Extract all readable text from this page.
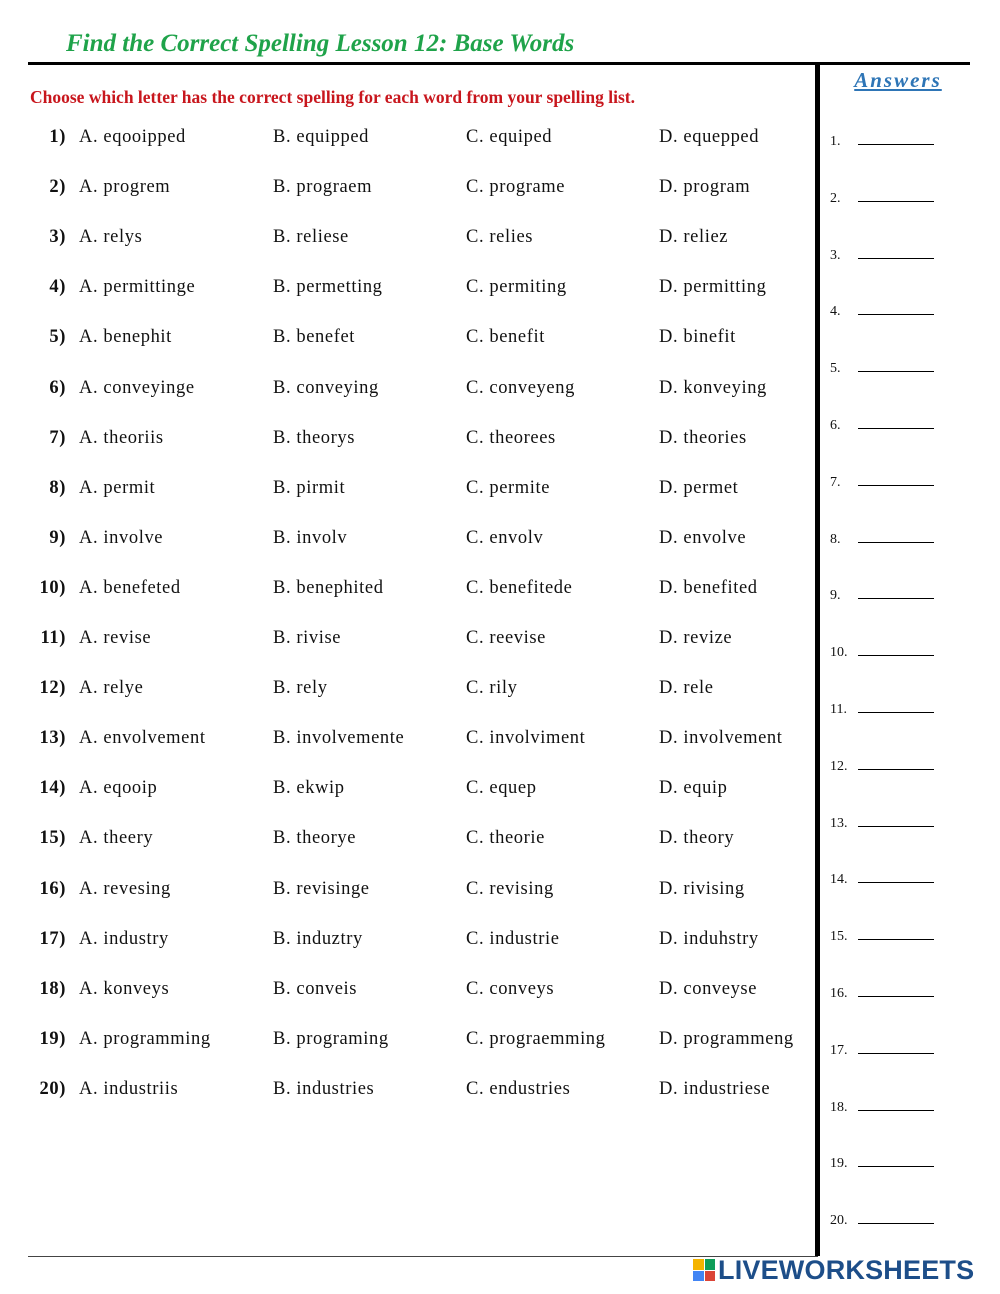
Find the Correct Spelling Lesson 12: Base Words
Choose which letter has the correct spelling for each word from your spelling list.
Answers
1) A. eqooipped	B. equipped	C. equiped	D. equepped
2) A. progrem	B. prograem	C. programe	D. program
3) A. relys	B. reliese	C. relies	D. reliez
4) A. permittinge	B. permetting	C. permiting	D. permitting
5) A. benephit	B. benefet	C. benefit	D. binefit
6) A. conveyinge	B. conveying	C. conveyeng	D. konveying
7) A. theoriis	B. theorys	C. theorees	D. theories
8) A. permit	B. pirmit	C. permite	D. permet
9) A. involve	B. involv	C. envolv	D. envolve
10) A. benefeted	B. benephited	C. benefitede	D. benefited
11) A. revise	B. rivise	C. reevise	D. revize
12) A. relye	B. rely	C. rily	D. rele
13) A. envolvement	B. involvemente	C. involviment	D. involvement
14) A. eqooip	B. ekwip	C. equep	D. equip
15) A. theery	B. theorye	C. theorie	D. theory
16) A. revesing	B. revisinge	C. revising	D. rivising
17) A. industry	B. induztry	C. industrie	D. induhstry
18) A. konveys	B. conveis	C. conveys	D. conveyse
19) A. programming	B. programing	C. prograemming	D. programmeng
20) A. industriis	B. industries	C. endustries	D. industriese
1.
2.
3.
4.
5.
6.
7.
8.
9.
10.
11.
12.
13.
14.
15.
16.
17.
18.
19.
20.
LIVEWORKSHEETS
